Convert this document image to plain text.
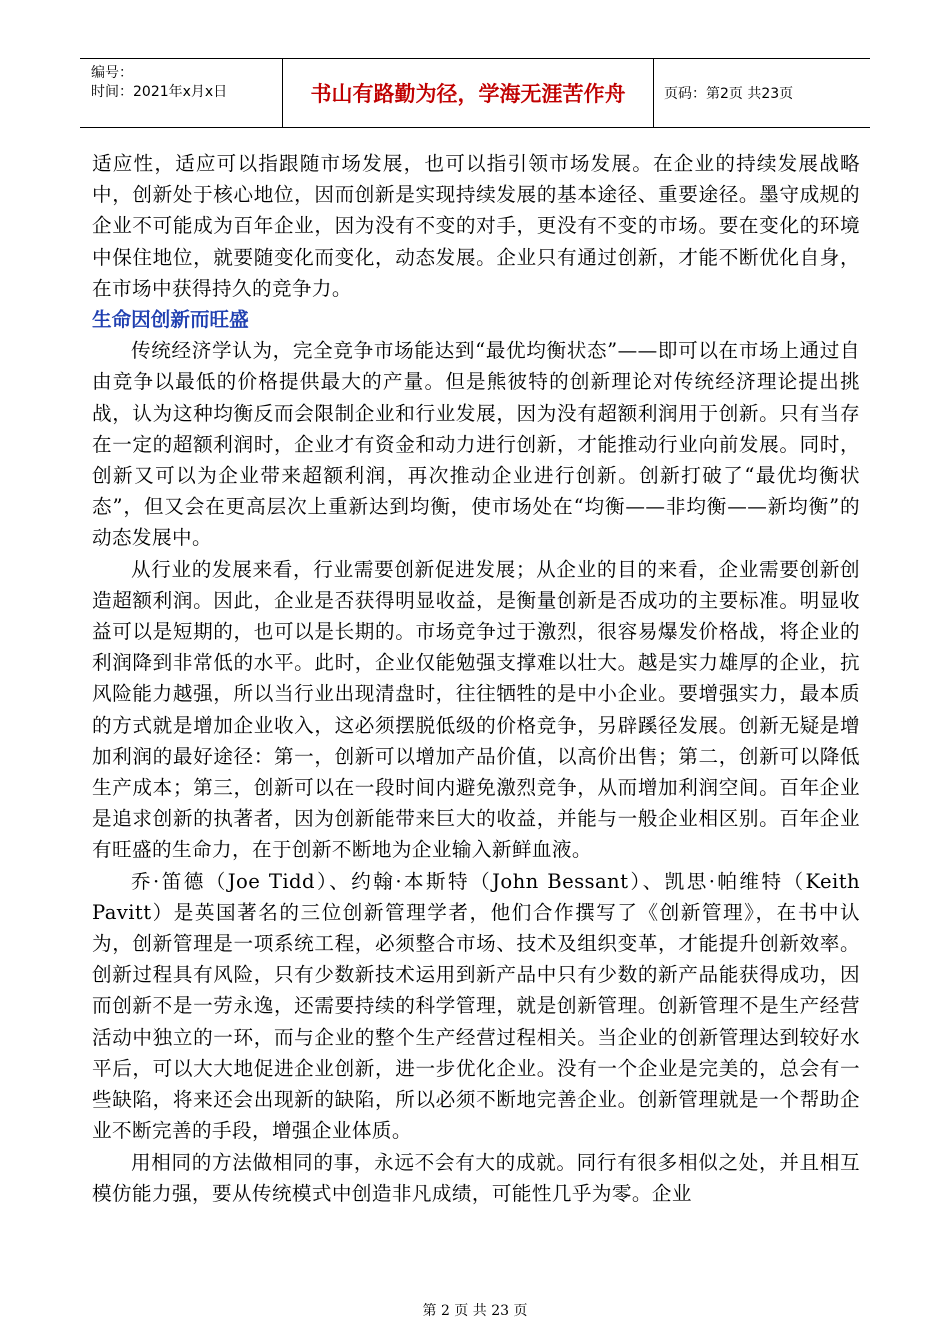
编号：
时间：2021年x月x日	书山有路勤为径，学海无涯苦作舟	页码：第2页 共23页

适应性，适应可以指跟随市场发展，也可以指引领市场发展。在企业的持续发展战略中，创新处于核心地位，因而创新是实现持续发展的基本途径、重要途径。墨守成规的企业不可能成为百年企业，因为没有不变的对手，更没有不变的市场。要在变化的环境中保住地位，就要随变化而变化，动态发展。企业只有通过创新，才能不断优化自身，在市场中获得持久的竞争力。

生命因创新而旺盛

传统经济学认为，完全竞争市场能达到“最优均衡状态”——即可以在市场上通过自由竞争以最低的价格提供最大的产量。但是熊彼特的创新理论对传统经济理论提出挑战，认为这种均衡反而会限制企业和行业发展，因为没有超额利润用于创新。只有当存在一定的超额利润时，企业才有资金和动力进行创新，才能推动行业向前发展。同时，创新又可以为企业带来超额利润，再次推动企业进行创新。创新打破了“最优均衡状态”，但又会在更高层次上重新达到均衡，使市场处在“均衡——非均衡——新均衡”的动态发展中。

从行业的发展来看，行业需要创新促进发展；从企业的目的来看，企业需要创新创造超额利润。因此，企业是否获得明显收益，是衡量创新是否成功的主要标准。明显收益可以是短期的，也可以是长期的。市场竞争过于激烈，很容易爆发价格战，将企业的利润降到非常低的水平。此时，企业仅能勉强支撑难以壮大。越是实力雄厚的企业，抗风险能力越强，所以当行业出现清盘时，往往牺牲的是中小企业。要增强实力，最本质的方式就是增加企业收入，这必须摆脱低级的价格竞争，另辟蹊径发展。创新无疑是增加利润的最好途径：第一，创新可以增加产品价值，以高价出售；第二，创新可以降低生产成本；第三，创新可以在一段时间内避免激烈竞争，从而增加利润空间。百年企业是追求创新的执著者，因为创新能带来巨大的收益，并能与一般企业相区别。百年企业有旺盛的生命力，在于创新不断地为企业输入新鲜血液。

乔·笛德（Joe Tidd）、约翰·本斯特（John Bessant）、凯思·帕维特（Keith Pavitt）是英国著名的三位创新管理学者，他们合作撰写了《创新管理》，在书中认为，创新管理是一项系统工程，必须整合市场、技术及组织变革，才能提升创新效率。创新过程具有风险，只有少数新技术运用到新产品中只有少数的新产品能获得成功，因而创新不是一劳永逸，还需要持续的科学管理，就是创新管理。创新管理不是生产经营活动中独立的一环，而与企业的整个生产经营过程相关。当企业的创新管理达到较好水平后，可以大大地促进企业创新，进一步优化企业。没有一个企业是完美的，总会有一些缺陷，将来还会出现新的缺陷，所以必须不断地完善企业。创新管理就是一个帮助企业不断完善的手段，增强企业体质。

用相同的方法做相同的事，永远不会有大的成就。同行有很多相似之处，并且相互模仿能力强，要从传统模式中创造非凡成绩，可能性几乎为零。企业

第 2 页 共 23 页
